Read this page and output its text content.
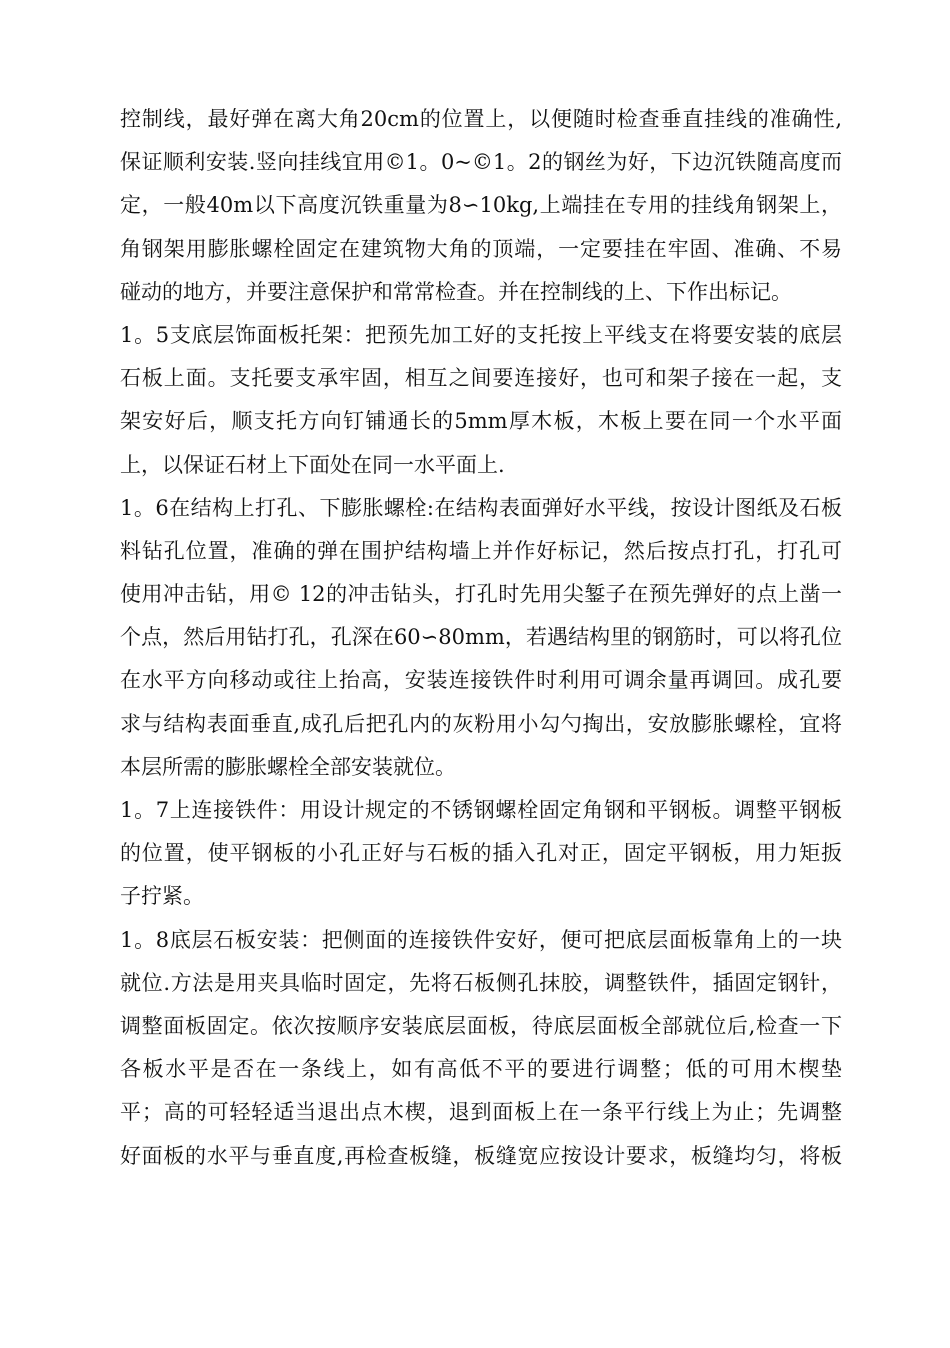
控制线，最好弹在离大角20cm的位置上，以便随时检查垂直挂线的准确性,
保证顺利安装.竖向挂线宜用©1。0~©1。2的钢丝为好，下边沉铁随高度而
定，一般40m以下高度沉铁重量为8∽10kg,上端挂在专用的挂线角钢架上，
角钢架用膨胀螺栓固定在建筑物大角的顶端，一定要挂在牢固、准确、不易
碰动的地方，并要注意保护和常常检查。并在控制线的上、下作出标记。
1。5支底层饰面板托架：把预先加工好的支托按上平线支在将要安装的底层
石板上面。支托要支承牢固，相互之间要连接好，也可和架子接在一起，支
架安好后，顺支托方向钉铺通长的5mm厚木板，木板上要在同一个水平面
上，以保证石材上下面处在同一水平面上.
1。6在结构上打孔、下膨胀螺栓:在结构表面弹好水平线，按设计图纸及石板
料钻孔位置，准确的弹在围护结构墙上并作好标记，然后按点打孔，打孔可
使用冲击钻，用© 12的冲击钻头，打孔时先用尖錾子在预先弹好的点上凿一
个点，然后用钻打孔，孔深在60∽80mm，若遇结构里的钢筋时，可以将孔位
在水平方向移动或往上抬高，安装连接铁件时利用可调余量再调回。成孔要
求与结构表面垂直,成孔后把孔内的灰粉用小勾勺掏出，安放膨胀螺栓，宜将
本层所需的膨胀螺栓全部安装就位。
1。7上连接铁件：用设计规定的不锈钢螺栓固定角钢和平钢板。调整平钢板
的位置，使平钢板的小孔正好与石板的插入孔对正，固定平钢板，用力矩扳
子拧紧。
1。8底层石板安装：把侧面的连接铁件安好，便可把底层面板靠角上的一块
就位.方法是用夹具临时固定，先将石板侧孔抹胶，调整铁件，插固定钢针，
调整面板固定。依次按顺序安装底层面板，待底层面板全部就位后,检查一下
各板水平是否在一条线上，如有高低不平的要进行调整；低的可用木楔垫
平；高的可轻轻适当退出点木楔，退到面板上在一条平行线上为止；先调整
好面板的水平与垂直度,再检查板缝，板缝宽应按设计要求，板缝均匀，将板
